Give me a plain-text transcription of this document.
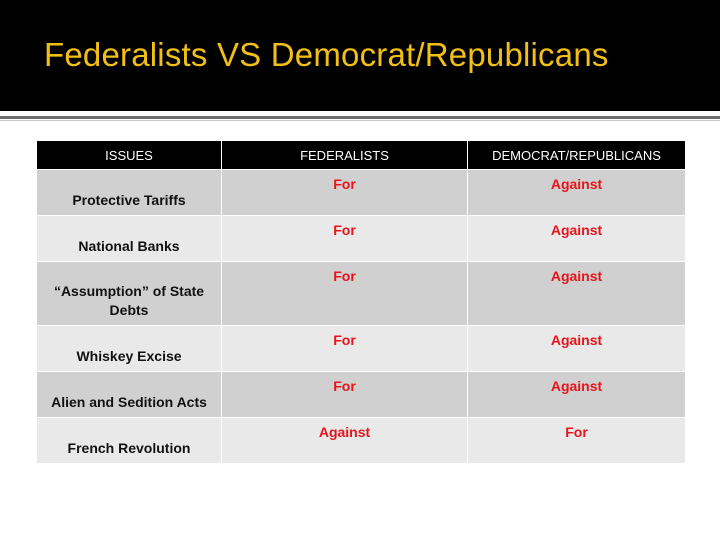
Federalists VS Democrat/Republicans
ISSUES	FEDERALISTS	DEMOCRAT/REPUBLICANS
Protective Tariffs	For	Against
National Banks	For	Against
“Assumption” of State Debts	For	Against
Whiskey Excise	For	Against
Alien and Sedition Acts	For	Against
French Revolution	Against	For
